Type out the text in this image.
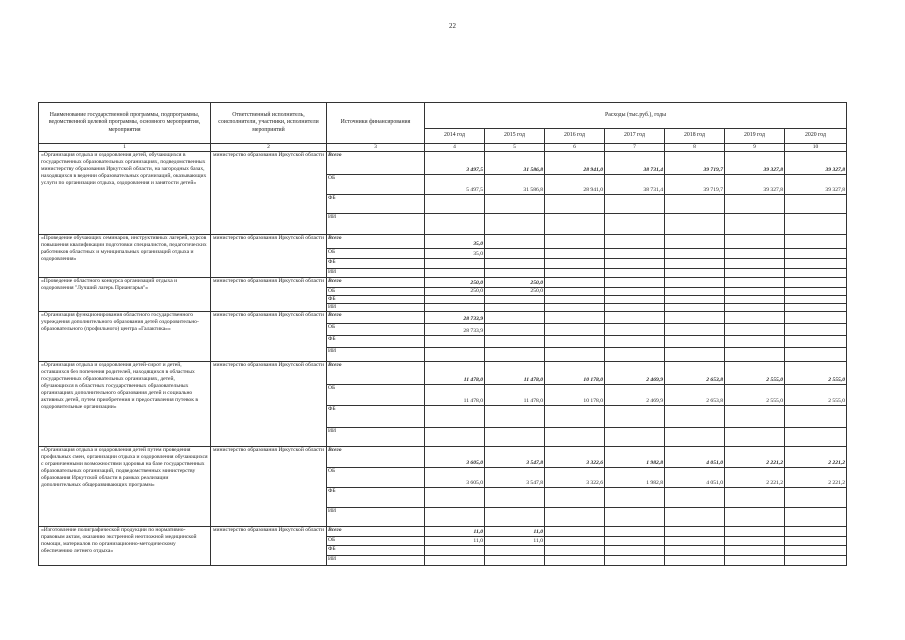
22
Наименование государственной программы, подпрограммы, ведомственной целевой программы, основного мероприятия, мероприятия	Ответственный исполнитель, соисполнители, участники, исполнители мероприятий	Источники финансирования	Расходы (тыс.руб.), годы						
			2014 год	2015 год	2016 год	2017 год	2018 год	2019 год	2020 год
1	2	3	4	5	6	7	8	9	10
«Организация отдыха и оздоровления детей, обучающихся в государственных образовательных организациях, подведомственных министерству образования Иркутской области, на загородных базах, находящихся в ведении образовательных организаций, оказывающих услуги по организации отдыха, оздоровления и занятости детей»	министерство образования Иркутской области	Всего	3 497,5	31 586,8	28 941,0	38 731,4	39 719,7	39 327,8	39 327,8
		ОБ	5 497,5	31 586,8	28 941,0	38 731,4	39 719,7	39 327,8	39 327,8
		ФБ							
		ИИ							
«Проведение обучающих семинаров, инструктивных лагерей, курсов повышения квалификации подготовки специалистов, педагогических работников областных и муниципальных организаций отдыха и оздоровления»	министерство образования Иркутской области	Всего	35,0						
		ОБ	35,0						
		ФБ							
		ИИ							
«Проведение областного конкурса организаций отдыха и оздоровления "Лучший лагерь Приангарья"»	министерство образования Иркутской области	Всего	250,0	250,0					
		ОБ	250,0	250,0					
		ФБ							
		ИИ							
«Организация функционирования областного государственного учреждения дополнительного образования детей оздоровительно-образовательного (профильного) центра «Галактика»»	министерство образования Иркутской области	Всего	28 733,9						
		ОБ	28 733,9						
		ФБ							
		ИИ							
«Организация отдыха и оздоровления детей-сирот и детей, оставшихся без попечения родителей, находящихся в областных государственных образовательных организациях, детей, обучающихся в областных государственных образовательных организациях дополнительного образования детей и социально активных детей, путем приобретения и предоставления путевок в оздоровительные организации»	министерство образования Иркутской области	Всего	11 478,0	11 478,0	10 178,0	2 469,9	2 653,8	2 555,0	2 555,0
		ОБ	11 478,0	11 478,0	10 178,0	2 469,9	2 653,8	2 555,0	2 555,0
		ФБ							
		ИИ							
«Организация отдыха и оздоровления детей путем проведения профильных смен, организации отдыха и оздоровления обучающихся с ограниченными возможностями здоровья на базе государственных образовательных организаций, подведомственных министерству образования Иркутской области в рамках реализации дополнительных общеразвивающих программ»	министерство образования Иркутской области	Всего	3 605,0	3 547,8	3 322,6	1 982,8	4 051,0	2 221,2	2 221,2
		ОБ	3 605,0	3 547,8	3 322,6	1 982,8	4 051,0	2 221,2	2 221,2
		ФБ							
		ИИ							
«Изготовление полиграфической продукции по нормативно-правовым актам, оказанию экстренной неотложной медицинской помощи, материалов по организационно-методическому обеспечению летнего отдыха»	министерство образования Иркутской области	Всего	11,0	11,0					
		ОБ	11,0	11,0					
		ФБ							
		ИИ							
